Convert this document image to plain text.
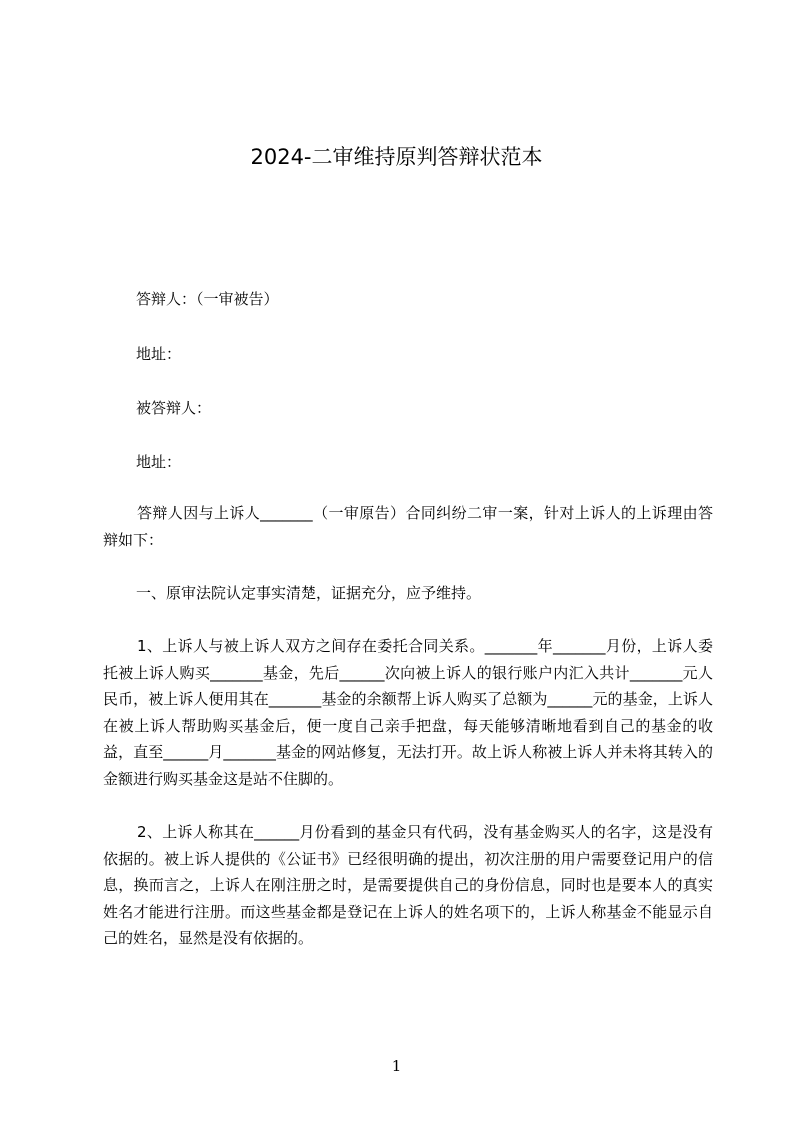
2024-二审维持原判答辩状范本
答辩人：（一审被告）
地址：
被答辩人：
地址：

答辩人因与上诉人_______（一审原告）合同纠纷二审一案，针对上诉人的上诉理由答辩如下：

一、原审法院认定事实清楚，证据充分，应予维持。

1、上诉人与被上诉人双方之间存在委托合同关系。_______年_______月份，上诉人委托被上诉人购买_______基金，先后______次向被上诉人的银行账户内汇入共计_______元人民币，被上诉人便用其在_______基金的余额帮上诉人购买了总额为______元的基金，上诉人在被上诉人帮助购买基金后，便一度自己亲手把盘，每天能够清晰地看到自己的基金的收益，直至______月_______基金的网站修复，无法打开。故上诉人称被上诉人并未将其转入的金额进行购买基金这是站不住脚的。

2、上诉人称其在______月份看到的基金只有代码，没有基金购买人的名字，这是没有依据的。被上诉人提供的《公证书》已经很明确的提出，初次注册的用户需要登记用户的信息，换而言之，上诉人在刚注册之时，是需要提供自己的身份信息，同时也是要本人的真实姓名才能进行注册。而这些基金都是登记在上诉人的姓名项下的，上诉人称基金不能显示自己的姓名，显然是没有依据的。

1
